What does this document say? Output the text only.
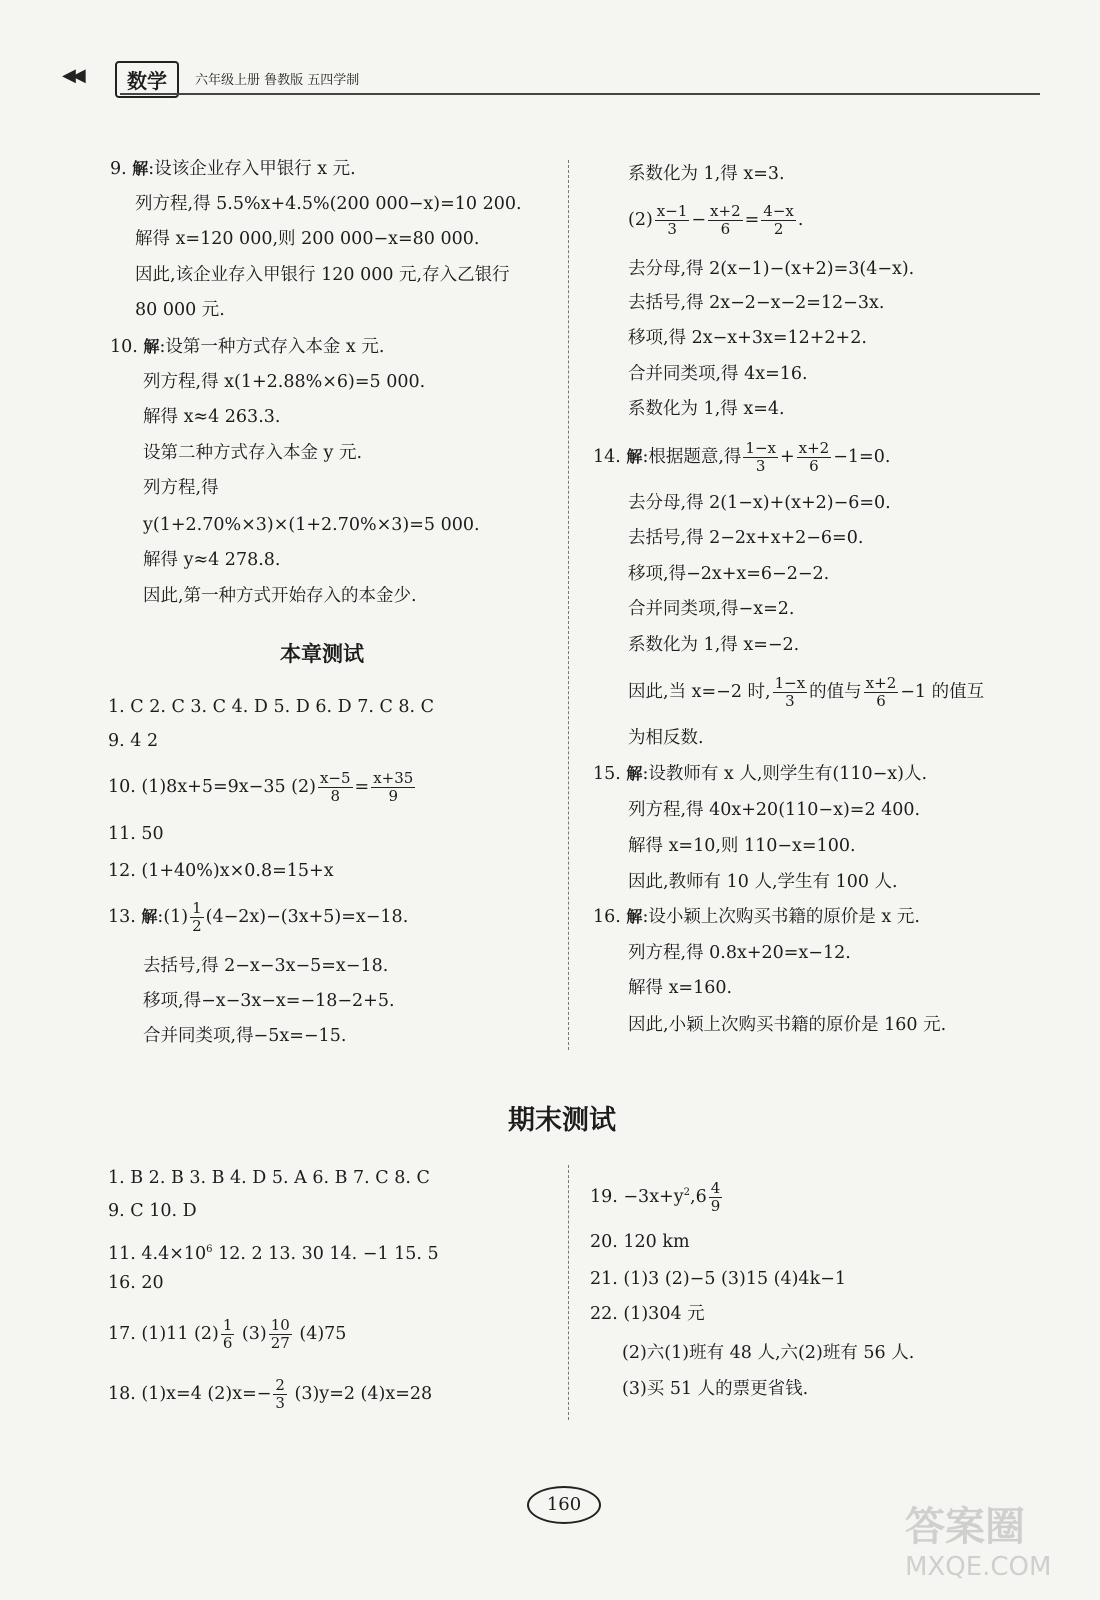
◀◀	数学	六年级上册 鲁教版 五四学制
9. 解:设该企业存入甲银行 x 元.
列方程,得 5.5%x+4.5%(200 000−x)=10 200.
解得 x=120 000,则 200 000−x=80 000.
因此,该企业存入甲银行 120 000 元,存入乙银行
80 000 元.
10. 解:设第一种方式存入本金 x 元.
列方程,得 x(1+2.88%×6)=5 000.
解得 x≈4 263.3.
设第二种方式存入本金 y 元.
列方程,得
y(1+2.70%×3)×(1+2.70%×3)=5 000.
解得 y≈4 278.8.
因此,第一种方式开始存入的本金少.
本章测试
1. C 2. C 3. C 4. D 5. D 6. D 7. C 8. C
9. 4 2
10. (1)8x+5=9x−35 $(2) \frac{x-5}{8} = \frac{x+35}{9}$
11. 50
12. (1+40%)x×0.8=15+x
13. 解:(1) $\frac{1}{2} (4-2x)-(3x+5)=x-18$.
去括号,得 2−x−3x−5=x−18.
移项,得−x−3x−x=−18−2+5.
合并同类项,得−5x=−15.
系数化为 1,得 x=3.
$(2) \frac{x-1}{3} - \frac{x+2}{6} = \frac{4-x}{2}$ .
去分母,得 2(x−1)−(x+2)=3(4−x).
去括号,得 2x−2−x−2=12−3x.
移项,得 2x−x+3x=12+2+2.
合并同类项,得 4x=16.
系数化为 1,得 x=4.
14. 解:根据题意,得 $\frac{1-x}{3} + \frac{x+2}{6} -1=0$.
去分母,得 2(1−x)+(x+2)−6=0.
去括号,得 2−2x+x+2−6=0.
移项,得−2x+x=6−2−2.
合并同类项,得−x=2.
系数化为 1,得 x=−2.
因此,当 x=−2 时, $\frac{1-x}{3}$ 的值与 $\frac{x+2}{6} -1$ 的值互
为相反数.
15. 解:设教师有 x 人,则学生有(110−x)人.
列方程,得 40x+20(110−x)=2 400.
解得 x=10,则 110−x=100.
因此,教师有 10 人,学生有 100 人.
16. 解:设小颖上次购买书籍的原价是 x 元.
列方程,得 0.8x+20=x−12.
解得 x=160.
因此,小颖上次购买书籍的原价是 160 元.
期末测试
1. B 2. B 3. B 4. D 5. A 6. B 7. C 8. C
9. C 10. D
11. $4.4\times 10^6$ 12. 2 13. 30 14. −1 15. 5
16. 20
17. (1)11 $(2) \frac{1}{6} (3) \frac{10}{27} (4)75$
18. (1)x=4 $(2)x=- \frac{2}{3} (3)y=2$ (4)x=28
19. $-3x+y^2,6 \frac{4}{9}$
20. 120 km
21. (1)3 (2)−5 (3)15 (4)4k−1
22. (1)304 元
(2)六(1)班有 48 人,六(2)班有 56 人.
(3)买 51 人的票更省钱.
160	答案圈
MXQE.COM
